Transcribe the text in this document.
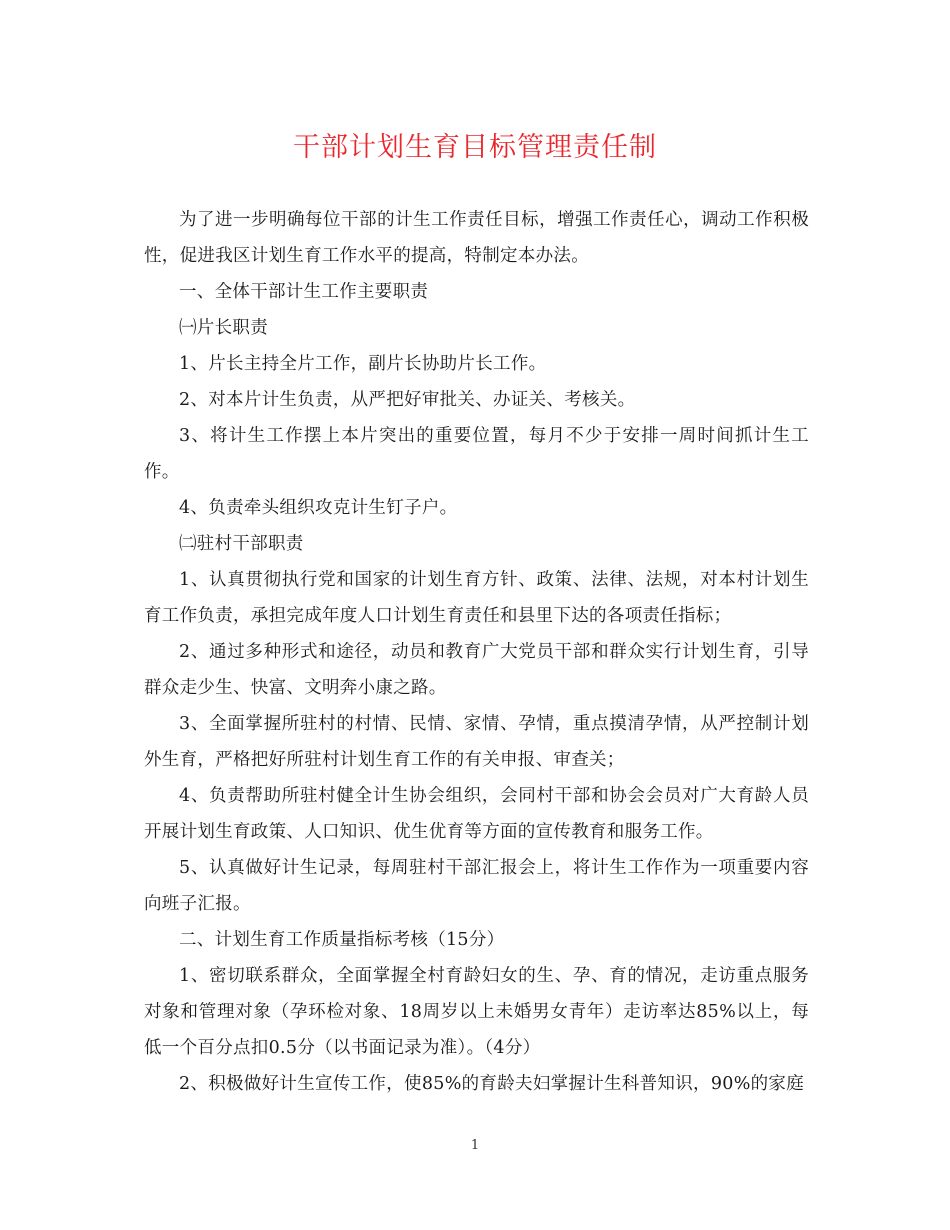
干部计划生育目标管理责任制

为了进一步明确每位干部的计生工作责任目标，增强工作责任心，调动工作积极性，促进我区计划生育工作水平的提高，特制定本办法。

一、全体干部计生工作主要职责

㈠片长职责

1、片长主持全片工作，副片长协助片长工作。

2、对本片计生负责，从严把好审批关、办证关、考核关。

3、将计生工作摆上本片突出的重要位置，每月不少于安排一周时间抓计生工作。

4、负责牵头组织攻克计生钉子户。

㈡驻村干部职责

1、认真贯彻执行党和国家的计划生育方针、政策、法律、法规，对本村计划生育工作负责，承担完成年度人口计划生育责任和县里下达的各项责任指标；

2、通过多种形式和途径，动员和教育广大党员干部和群众实行计划生育，引导群众走少生、快富、文明奔小康之路。

3、全面掌握所驻村的村情、民情、家情、孕情，重点摸清孕情，从严控制计划外生育，严格把好所驻村计划生育工作的有关申报、审查关；

4、负责帮助所驻村健全计生协会组织，会同村干部和协会会员对广大育龄人员开展计划生育政策、人口知识、优生优育等方面的宣传教育和服务工作。

5、认真做好计生记录，每周驻村干部汇报会上，将计生工作作为一项重要内容向班子汇报。

二、计划生育工作质量指标考核（15分）

1、密切联系群众，全面掌握全村育龄妇女的生、孕、育的情况，走访重点服务对象和管理对象（孕环检对象、18周岁以上未婚男女青年）走访率达85%以上，每低一个百分点扣0.5分（以书面记录为准）。（4分）

2、积极做好计生宣传工作，使85%的育龄夫妇掌握计生科普知识，90%的家庭

1
